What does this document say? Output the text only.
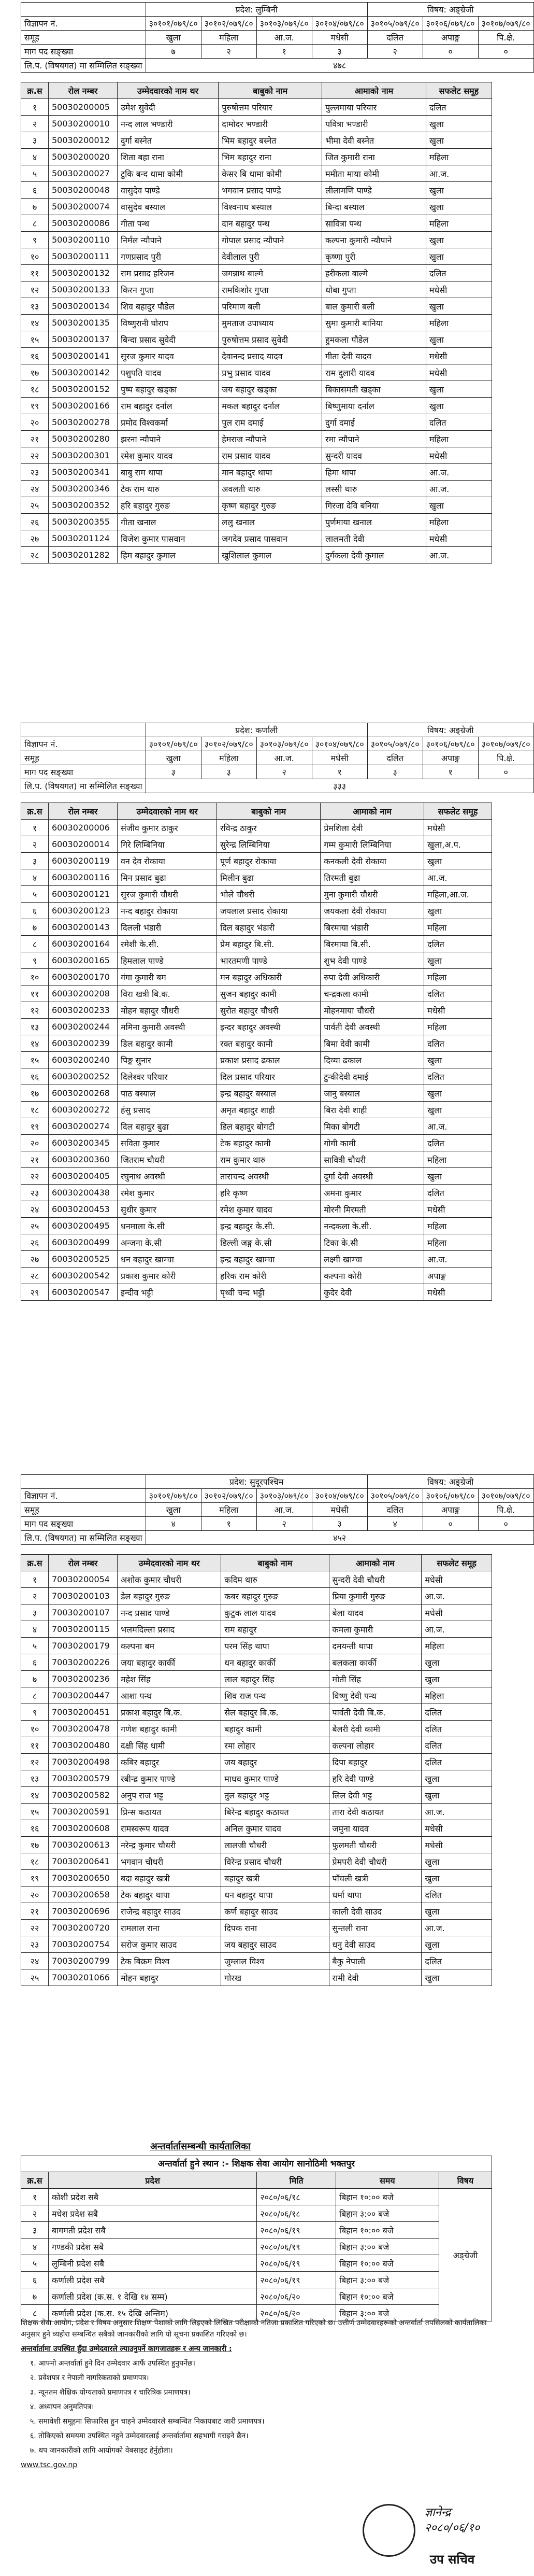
	प्रदेश: लुम्बिनी				विषय: अङ्ग्रेजी		
विज्ञापन नं.	३०१०१/०७९/८०	३०१०२/०७९/८०	३०१०३/०७९/८०	३०१०४/०७९/८०	३०१०५/०७९/८०	३०१०६/०७९/८०	३०१०७/०७९/८०
समूह	खुला	महिला	आ.ज.	मधेसी	दलित	अपाङ्ग	पि.क्षे.
माग पद सङ्ख्या	७	२	१	३	२	०	०
लि.प. (विषयगत) मा सम्मिलित सङ्ख्या	४७८						
क्र.स	रोल नम्बर	उम्मेदवारको नाम थर	बाबुको नाम	आमाको नाम	सफलेट समूह
१	50030200005	उमेश सुवेदी	पुरुषोत्तम परियार	पुल्लमाया परियार	दलित
२	50030200010	नन्द लाल भण्डारी	दामोदर भण्डारी	पवित्रा भण्डारी	खुला
३	50030200012	दुर्गा बस्नेत	भिम बहादुर बस्नेत	भीमा देवी बस्नेत	खुला
४	50030200020	शिता बहा राना	भिम बहादुर राना	जित कुमारी राना	महिला
५	50030200027	टुकि बन्द धामा कोमी	केसर बि धामा कोमी	ममीता माया कोमी	आ.ज.
६	50030200048	वासुदेव पाण्डे	भगवान प्रसाद पाण्डे	लीलामणि पाण्डे	खुला
७	50030200074	वासुदेव बस्याल	विश्वनाथ बस्याल	बिन्दा बस्याल	खुला
८	50030200086	गीता पन्थ	दान बहादुर पन्थ	सावित्रा पन्थ	महिला
९	50030200110	निर्मल न्यौपाने	गोपाल प्रसाद न्यौपाने	कल्पना कुमारी न्यौपाने	खुला
१०	50030200111	गणप्रसाद पुरी	देवीलाल पुरी	कृष्णा पुरी	खुला
११	50030200132	राम प्रसाद हरिजन	जगन्नाथ बाल्मे	हरीकला बाल्मे	दलित
१२	50030200133	किरन गुप्ता	रामकिशोर गुप्ता	धोबा गुप्ता	मधेसी
१३	50030200134	शिव बहादुर पौडेल	परिमाण बली	बाल कुमारी बली	खुला
१४	50030200135	विष्णुरानी घोराप	मुमताज उपाध्याय	सुमा कुमारी बानिया	महिला
१५	50030200137	बिन्दा प्रसाद सुवेदी	पुरुषोत्तम प्रसाद सुवेदी	हुमकला पौडेल	खुला
१६	50030200141	सुरज कुमार यादव	देवानन्द प्रसाद यादव	गीता देवी यादव	मधेसी
१७	50030200142	पशुपति यादव	प्रभु प्रसाद यादव	राम दुलारी यादव	मधेसी
१८	50030200152	पुष्प बहादुर खड्का	जय बहादुर खड्का	बिकासमती खड्का	खुला
१९	50030200166	राम बहादुर दर्नाल	मकल बहादुर दर्नाल	बिष्णुमाया दर्नाल	खुला
२०	50030200278	प्रमोद विश्वकर्मा	पुल राम दमाई	दुर्गा दमाई	दलित
२१	50030200280	झरना न्यौपाने	हेमराज न्यौपाने	रमा न्यौपाने	महिला
२२	50030200301	रमेश कुमार यादव	राम प्रसाद यादव	सुन्दरी यादव	मधेसी
२३	50030200341	बाबु राम थापा	मान बहादुर थापा	हिमा थापा	आ.ज.
२४	50030200346	टेक राम थारु	अवलती थारु	लस्सी थारु	आ.ज.
२५	50030200352	हरि बहादुर गुरुङ	कृष्ण बहादुर गुरुङ	गिरजा देवि बनिया	खुला
२६	50030200355	गीता खनाल	ललु खनाल	पुर्णमाया खनाल	महिला
२७	50030201124	विजेश कुमार पासवान	जगदेव प्रसाद पासवान	लालमती देवी	मधेसी
२८	50030201282	हिम बहादुर कुमाल	खुशिलाल कुमाल	दुर्गकला देवी कुमाल	आ.ज.
	प्रदेश: कर्णाली				विषय: अङ्ग्रेजी		
विज्ञापन नं.	३०१०१/०७९/८०	३०१०२/०७९/८०	३०१०३/०७९/८०	३०१०४/०७९/८०	३०१०५/०७९/८०	३०१०६/०७९/८०	३०१०७/०७९/८०
समूह	खुला	महिला	आ.ज.	मधेसी	दलित	अपाङ्ग	पि.क्षे.
माग पद सङ्ख्या	३	३	२	१	३	१	०
लि.प. (विषयगत) मा सम्मिलित सङ्ख्या	३३३						
क्र.स	रोल नम्बर	उम्मेदवारको नाम थर	बाबुको नाम	आमाको नाम	सफलेट समूह
१	60030200006	संजीव कुमार ठाकुर	रविन्द्र ठाकुर	प्रेमशिला देवी	मधेसी
२	60030200014	गिरे लिम्बिनिया	सुरेन्द्र लिम्बिनिया	गम्म कुमारी लिम्बिनिया	खुला,अ.प.
३	60030200119	वन देव रोकाया	पूर्ण बहादुर रोकाया	कनकली देवी रोकाया	खुला
४	60030200116	मिन प्रसाद बुढा	मिलीन बुढा	तिरमती बुढा	आ.ज.
५	60030200121	सुरज कुमारी चौधरी	भोले चौधरी	मुना कुमारी चौधरी	महिला,आ.ज.
६	60030200123	नन्द बहादुर रोकाया	जयलाल प्रसाद रोकाया	जयकला देवी रोकाया	खुला
७	60030200143	दिलली भंडारी	दिल बहादुर भंडारी	बिरमाया भंडारी	महिला
८	60030200164	रमेशी के.सी.	प्रेम बहादुर बि.सी.	बिरमाया बि.सी.	दलित
९	60030200165	हिमलाल पाण्डे	भारतमणी पाण्डे	शुभ देवी पाण्डे	खुला
१०	60030200170	गंगा कुमारी बम	मन बहादुर अधिकारी	रुपा देवी अधिकारी	महिला
११	60030200208	विरा खत्री बि.क.	सुजन बहादुर कामी	चन्द्रकला कामी	दलित
१२	60030200233	मोहन बहादुर चौधरी	सुरोत बहादुर चौधरी	मोहनमाया चौधरी	मधेसी
१३	60030200244	ममिना कुमारी अवस्थी	इन्दर बहादुर अवस्थी	पार्वती देवी अवस्थी	महिला
१४	60030200239	डिल बहादुर कामी	रक्त बहादुर कामी	बिमा देवी कामी	दलित
१५	60030200240	पिङ्ग सुनार	प्रकाश प्रसाद ढकाल	दिव्या ढकाल	खुला
१६	60030200252	दिलेश्वर परियार	दिल प्रसाद परियार	टुन्कीदेवी दमाई	दलित
१७	60030200268	पाठ बस्याल	इन्द्र बहादुर बस्याल	जानु बस्याल	खुला
१८	60030200272	हंसु प्रसाद	अमृत बहादुर शाही	बिरा देवी शाही	खुला
१९	60030200274	दिल बहादुर बुढा	डिल बहादुर बोगटी	मिका बोगटी	आ.ज.
२०	60030200345	सविता कुमार	टेक बहादुर कामी	गोगी कामी	दलित
२१	60030200360	जितराम चौधरी	राम कुमार थारु	सावित्री चौधरी	महिला
२२	60030200405	रघुनाथ अवस्थी	ताराचन्द अवस्थी	दुर्गा देवी अवस्थी	खुला
२३	60030200438	रमेश कुमार	हरि कृष्ण	अमना कुमार	दलित
२४	60030200453	सुधीर कुमार	रमेश कुमार यादव	मोरनी मिरमती	मधेसी
२५	60030200495	धनमाला के.सी	इन्द्र बहादुर के.सी.	नन्दकला के.सी.	महिला
२६	60030200499	अन्जना के.सी	डिल्ली जङ्ग के.सी	टिका के.सी	महिला
२७	60030200525	धन बहादुर खाम्चा	इन्द्र बहादुर खाम्चा	लक्ष्मी खाम्चा	आ.ज.
२८	60030200542	प्रकाश कुमार कोरी	हरिक राम कोरी	कल्पना कोरी	अपाङ्ग
२९	60030200547	इन्दीव भट्टी	पृथ्वी चन्द भट्टी	कुदेर देवी	मधेसी
	प्रदेश: सुदूरपश्चिम				विषय: अङ्ग्रेजी		
विज्ञापन नं.	३०१०१/०७९/८०	३०१०२/०७९/८०	३०१०३/०७९/८०	३०१०४/०७९/८०	३०१०५/०७९/८०	३०१०६/०७९/८०	३०१०७/०७९/८०
समूह	खुला	महिला	आ.ज.	मधेसी	दलित	अपाङ्ग	पि.क्षे.
माग पद सङ्ख्या	४	१	२	३	४	०	०
लि.प. (विषयगत) मा सम्मिलित सङ्ख्या	४५२						
क्र.स	रोल नम्बर	उम्मेदवारको नाम थर	बाबुको नाम	आमाको नाम	सफलेट समूह
१	70030200054	अशोक कुमार चौधरी	कदिम थारु	सुन्दरी देवी चौधरी	मधेसी
२	70030200103	डेल बहादुर गुरुङ	कबर बहादुर गुरुङ	प्रिया कुमारी गुरुङ	आ.ज.
३	70030200107	नन्द प्रसाद पाण्डे	कुटुक लाल यादव	बेला यादव	मधेसी
४	70030200115	भलमदिल्ला प्रसाद	राम बहादुर	कमला कुमारी	आ.ज.
५	70030200179	कल्पना बम	परम सिंह थापा	दमयन्ती थापा	महिला
६	70030200226	जया बहादुर कार्की	धन बहादुर कार्की	बलकला कार्की	खुला
७	70030200236	महेश सिंह	लाल बहादुर सिंह	मोती सिंह	खुला
८	70030200447	आशा पन्थ	शिव राज पन्थ	विष्णु देवी पन्थ	महिला
९	70030200451	प्रकाश बहादुर बि.क.	सेल बहादुर बि.क.	पार्वती देवी बि.क.	दलित
१०	70030200478	गणेश बहादुर कामी	बहादुर कामी	बैलरी देवी कामी	दलित
११	70030200480	दक्षी सिंह धामी	रमा लोहार	कल्पना लोहार	दलित
१२	70030200498	कबिर बहादुर	जय बहादुर	दिपा बहादुर	दलित
१३	70030200579	रबीन्द्र कुमार पाण्डे	माधव कुमार पाण्डे	हरि देवी पाण्डे	खुला
१४	70030200582	अनुप राज भट्ट	तुल बहादुर भट्ट	लिल देवी भट्ट	खुला
१५	70030200591	प्रिन्स कठायत	बिरेन्द्र बहादुर कठायत	तारा देवी कठायत	आ.ज.
१६	70030200608	रामस्वरूप यादव	अनिल कुमार यादव	जमुना यादव	मधेसी
१७	70030200613	नरेन्द्र कुमार चौधरी	लालजी चौधरी	फुलमती चौधरी	मधेसी
१८	70030200641	भगवान चौधरी	विरेन्द्र प्रसाद चौधरी	प्रेमपरी देवी चौधरी	खुला
१९	70030200650	बदा बहादुर खत्री	बहादुर खत्री	पाँचली खत्री	खुला
२०	70030200658	टेक बहादुर थापा	धन बहादुर थापा	धर्मा थापा	दलित
२१	70030200696	राजेन्द्र बहादुर साउद	कर्ण बहादुर साउद	काली देवी साउद	खुला
२२	70030200720	रामलाल राना	दिपक राना	सुन्तली राना	आ.ज.
२३	70030200754	सरोज कुमार साउद	जय बहादुर साउद	धनु देवी साउद	खुला
२४	70030200799	टेक बिक्रम विश्व	जुम्लाल विश्व	बैकु नेपाली	दलित
२५	70030201066	मोहन बहादुर	गोरख	रामी देवी	खुला
अन्तर्वार्तासम्बन्धी कार्यतालिका
अन्तर्वार्ता हुने स्थान :- शिक्षक सेवा आयोग सानोठिमी भक्तपुर
क्र.स	प्रदेश	मिति	समय	विषय
१	कोशी प्रदेश सबै	२०८०/०६/१८	बिहान १०:०० बजे	अङ्ग्रेजी
२	मधेश प्रदेश सबै	२०८०/०६/१८	बिहान ३:०० बजे	
३	बागमती प्रदेश सबै	२०८०/०६/१९	बिहान १०:०० बजे	
४	गण्डकी प्रदेश सबै	२०८०/०६/१९	बिहान ३:०० बजे	
५	लुम्बिनी प्रदेश सबै	२०८०/०६/१९	बिहान १०:०० बजे	
६	कर्णाली प्रदेश सबै	२०८०/०६/१९	बिहान ३:०० बजे	
७	कर्णाली प्रदेश (क.स. १ देखि १४ सम्म)	२०८०/०६/२०	बिहान १०:०० बजे	
८	कर्णाली प्रदेश (क.स. १५ देखि अन्तिम)	२०८०/०६/२०	बिहान ३:०० बजे	

शिक्षक सेवा आयोग, प्रदेश र विषय अनुसार शिक्षण पेशाको लागि लिइएको लिखित परीक्षाको नतिजा प्रकाशित गरिएको छ। उत्तीर्ण उम्मेदवारहरूको अन्तर्वार्ता तपसिलको कार्यतालिका अनुसार हुने व्यहोरा सम्बन्धित सबैको जानकारीको लागि यो सूचना प्रकाशित गरिएको छ।

अन्तर्वार्तामा उपस्थित हुँदा उम्मेदवारले ल्याउनुपर्ने कागजातहरू र अन्य जानकारी :

१. आफ्नो अन्तर्वार्ता हुने दिन उम्मेदवार आफैं उपस्थित हुनुपर्नेछ।

२. प्रवेशपत्र र नेपाली नागरिकताको प्रमाणपत्र।

३. न्यूनतम शैक्षिक योग्यताको प्रमाणपत्र र चारित्रिक प्रमाणपत्र।

४. अध्यापन अनुमतिपत्र।

५. समावेशी समूहमा सिफारिस हुन चाहने उम्मेदवारले सम्बन्धित निकायबाट जारी प्रमाणपत्र।

६. तोकिएको समयमा उपस्थित नहुने उम्मेदवारलाई अन्तर्वार्तामा सहभागी गराइने छैन।

७. थप जानकारीको लागि आयोगको वेबसाइट हेर्नुहोला।

www.tsc.gov.np

ज्ञानेन्द्र
२०८०/०६/१०
उप सचिव
